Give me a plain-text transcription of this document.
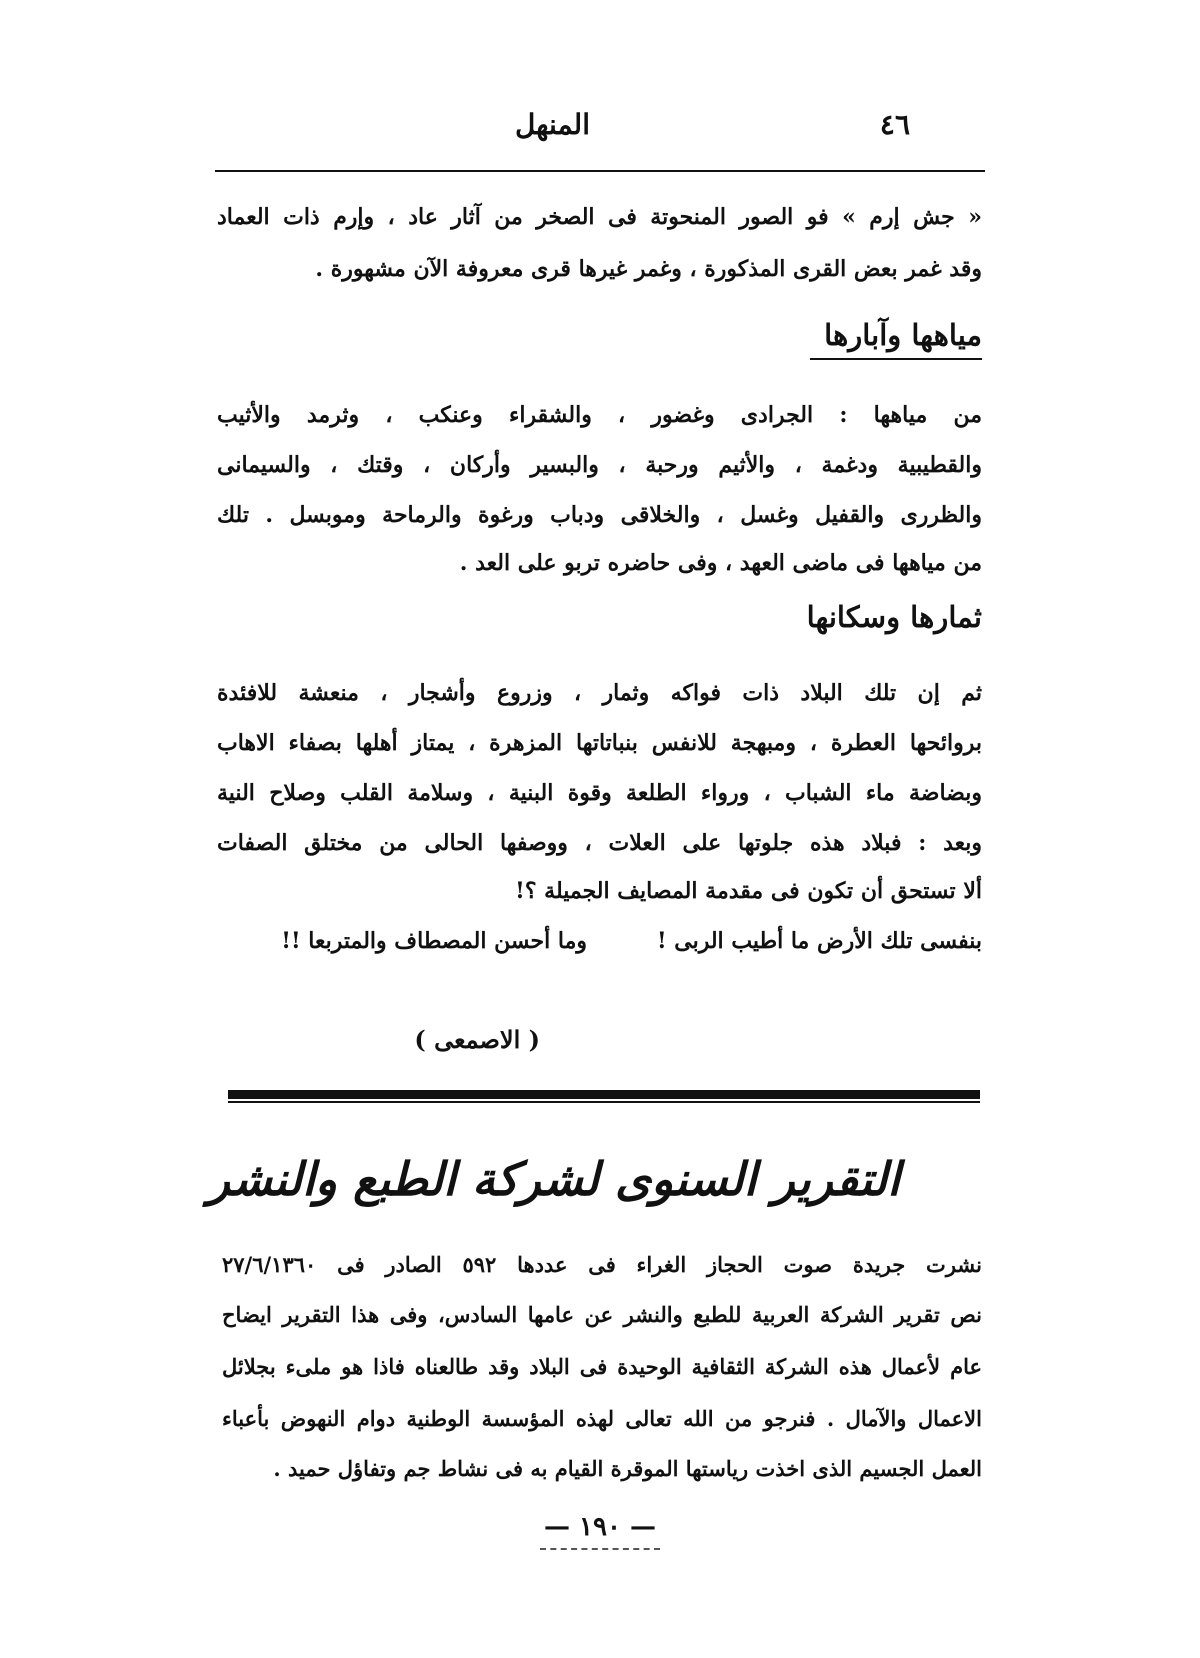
٤٦
المنهل
« جش إرم » فو الصور المنحوتة فى الصخر من آثار عاد ، وإرم ذات العماد
وقد غمر بعض القرى المذكورة ، وغمر غيرها قرى معروفة الآن مشهورة .
مياهها وآبارها
من مياهها : الجرادى وغضور ، والشقراء وعنكب ، وثرمد والأثيب
والقطيبية ودغمة ، والأثيم ورحبة ، والبسير وأركان ، وقتك ، والسيمانى
والظررى والقفيل وغسل ، والخلاقى ودباب ورغوة والرماحة وموبسل . تلك
من مياهها فى ماضى العهد ، وفى حاضره تربو على العد .
ثمارها وسكانها
ثم إن تلك البلاد ذات فواكه وثمار ، وزروع وأشجار ، منعشة للافئدة
بروائحها العطرة ، ومبهجة للانفس بنباتاتها المزهرة ، يمتاز أهلها بصفاء الاهاب
وبضاضة ماء الشباب ، ورواء الطلعة وقوة البنية ، وسلامة القلب وصلاح النية
وبعد : فبلاد هذه جلوتها على العلات ، ووصفها الحالى من مختلق الصفات
ألا تستحق أن تكون فى مقدمة المصايف الجميلة ؟!
بنفسى تلك الأرض ما أطيب الربى !
وما أحسن المصطاف والمتربعا !!
( الاصمعى )
التقرير السنوى لشركة الطبع والنشر
نشرت جريدة صوت الحجاز الغراء فى عددها ٥٩٢ الصادر فى ٢٧/٦/١٣٦٠
نص تقرير الشركة العربية للطبع والنشر عن عامها السادس، وفى هذا التقرير ايضاح
عام لأعمال هذه الشركة الثقافية الوحيدة فى البلاد وقد طالعناه فاذا هو ملىء بجلائل
الاعمال والآمال . فنرجو من الله تعالى لهذه المؤسسة الوطنية دوام النهوض بأعباء
العمل الجسيم الذى اخذت رياستها الموقرة القيام به فى نشاط جم وتفاؤل حميد .
— ١٩٠ —
